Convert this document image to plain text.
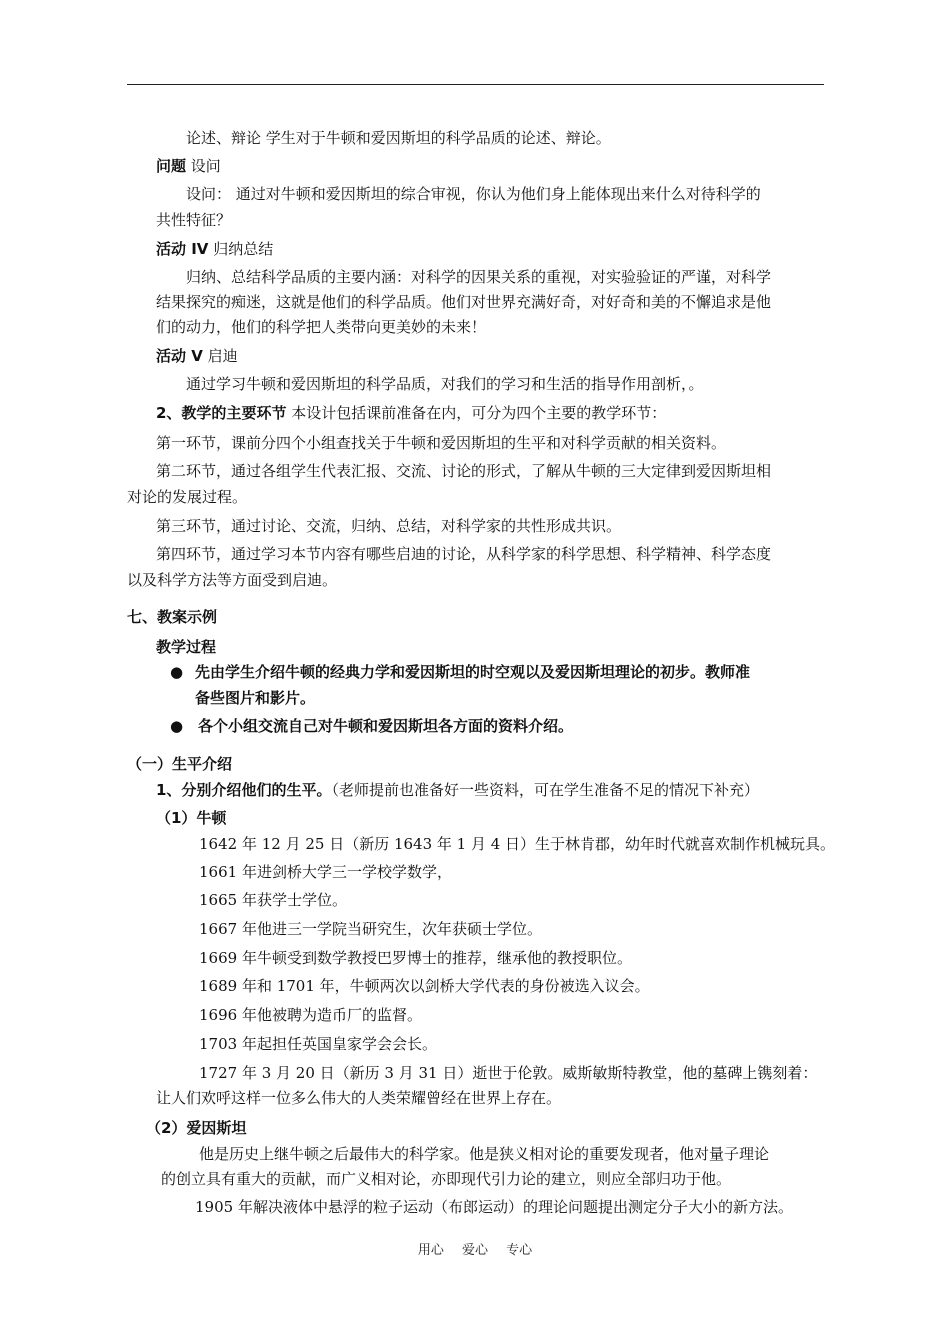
论述、辩论 学生对于牛顿和爱因斯坦的科学品质的论述、辩论。
问题 设问
设问： 通过对牛顿和爱因斯坦的综合审视，你认为他们身上能体现出来什么对待科学的
共性特征？
活动 IV 归纳总结
归纳、总结科学品质的主要内涵：对科学的因果关系的重视，对实验验证的严谨，对科学
结果探究的痴迷，这就是他们的科学品质。他们对世界充满好奇，对好奇和美的不懈追求是他
们的动力，他们的科学把人类带向更美妙的未来！
活动 V 启迪
通过学习牛顿和爱因斯坦的科学品质，对我们的学习和生活的指导作用剖析，。
2、教学的主要环节 本设计包括课前准备在内，可分为四个主要的教学环节：
第一环节，课前分四个小组查找关于牛顿和爱因斯坦的生平和对科学贡献的相关资料。
第二环节，通过各组学生代表汇报、交流、讨论的形式，了解从牛顿的三大定律到爱因斯坦相
对论的发展过程。
第三环节，通过讨论、交流，归纳、总结，对科学家的共性形成共识。
第四环节，通过学习本节内容有哪些启迪的讨论，从科学家的科学思想、科学精神、科学态度
以及科学方法等方面受到启迪。
七、教案示例
教学过程
● 先由学生介绍牛顿的经典力学和爱因斯坦的时空观以及爱因斯坦理论的初步。教师准
备些图片和影片。
● 各个小组交流自己对牛顿和爱因斯坦各方面的资料介绍。
（一）生平介绍
1、分别介绍他们的生平。（老师提前也准备好一些资料，可在学生准备不足的情况下补充）
（1）牛顿
1642 年 12 月 25 日（新历 1643 年 1 月 4 日）生于林肯郡，幼年时代就喜欢制作机械玩具。
1661 年进剑桥大学三一学校学数学，
1665 年获学士学位。
1667 年他进三一学院当研究生，次年获硕士学位。
1669 年牛顿受到数学教授巴罗博士的推荐，继承他的教授职位。
1689 年和 1701 年，牛顿两次以剑桥大学代表的身份被选入议会。
1696 年他被聘为造币厂的监督。
1703 年起担任英国皇家学会会长。
1727 年 3 月 20 日（新历 3 月 31 日）逝世于伦敦。威斯敏斯特教堂，他的墓碑上镌刻着：
让人们欢呼这样一位多么伟大的人类荣耀曾经在世界上存在。
（2）爱因斯坦
他是历史上继牛顿之后最伟大的科学家。他是狭义相对论的重要发现者，他对量子理论
的创立具有重大的贡献，而广义相对论，亦即现代引力论的建立，则应全部归功于他。
1905 年解决液体中悬浮的粒子运动（布郎运动）的理论问题提出测定分子大小的新方法。
用心 爱心 专心
